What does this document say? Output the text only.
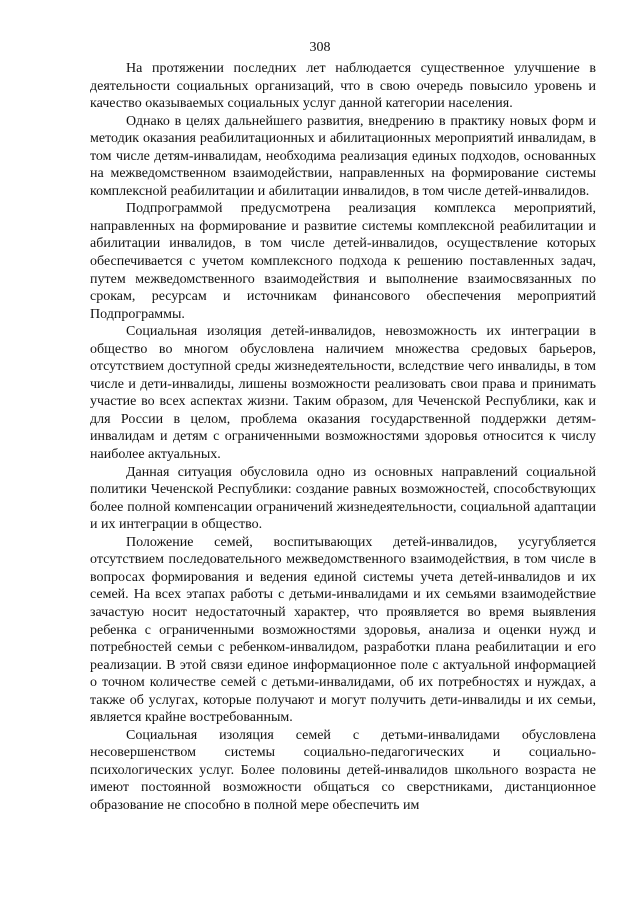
308

На протяжении последних лет наблюдается существенное улучшение в деятельности социальных организаций, что в свою очередь повысило уровень и качество оказываемых социальных услуг данной категории населения.

Однако в целях дальнейшего развития, внедрению в практику новых форм и методик оказания реабилитационных и абилитационных мероприятий инвалидам, в том числе детям-инвалидам, необходима реализация единых подходов, основанных на межведомственном взаимодействии, направленных на формирование системы комплексной реабилитации и абилитации инвалидов, в том числе детей-инвалидов.

Подпрограммой предусмотрена реализация комплекса мероприятий, направленных на формирование и развитие системы комплексной реабилитации и абилитации инвалидов, в том числе детей-инвалидов, осуществление которых обеспечивается с учетом комплексного подхода к решению поставленных задач, путем межведомственного взаимодействия и выполнение взаимосвязанных по срокам, ресурсам и источникам финансового обеспечения мероприятий Подпрограммы.

Социальная изоляция детей-инвалидов, невозможность их интеграции в общество во многом обусловлена наличием множества средовых барьеров, отсутствием доступной среды жизнедеятельности, вследствие чего инвалиды, в том числе и дети-инвалиды, лишены возможности реализовать свои права и принимать участие во всех аспектах жизни. Таким образом, для Чеченской Республики, как и для России в целом, проблема оказания государственной поддержки детям-инвалидам и детям с ограниченными возможностями здоровья относится к числу наиболее актуальных.

Данная ситуация обусловила одно из основных направлений социальной политики Чеченской Республики: создание равных возможностей, способствующих более полной компенсации ограничений жизнедеятельности, социальной адаптации и их интеграции в общество.

Положение семей, воспитывающих детей-инвалидов, усугубляется отсутствием последовательного межведомственного взаимодействия, в том числе в вопросах формирования и ведения единой системы учета детей-инвалидов и их семей. На всех этапах работы с детьми-инвалидами и их семьями взаимодействие зачастую носит недостаточный характер, что проявляется во время выявления ребенка с ограниченными возможностями здоровья, анализа и оценки нужд и потребностей семьи с ребенком-инвалидом, разработки плана реабилитации и его реализации. В этой связи единое информационное поле с актуальной информацией о точном количестве семей с детьми-инвалидами, об их потребностях и нуждах, а также об услугах, которые получают и могут получить дети-инвалиды и их семьи, является крайне востребованным.

Социальная изоляция семей с детьми-инвалидами обусловлена несовершенством системы социально-педагогических и социально-психологических услуг. Более половины детей-инвалидов школьного возраста не имеют постоянной возможности общаться со сверстниками, дистанционное образование не способно в полной мере обеспечить им
